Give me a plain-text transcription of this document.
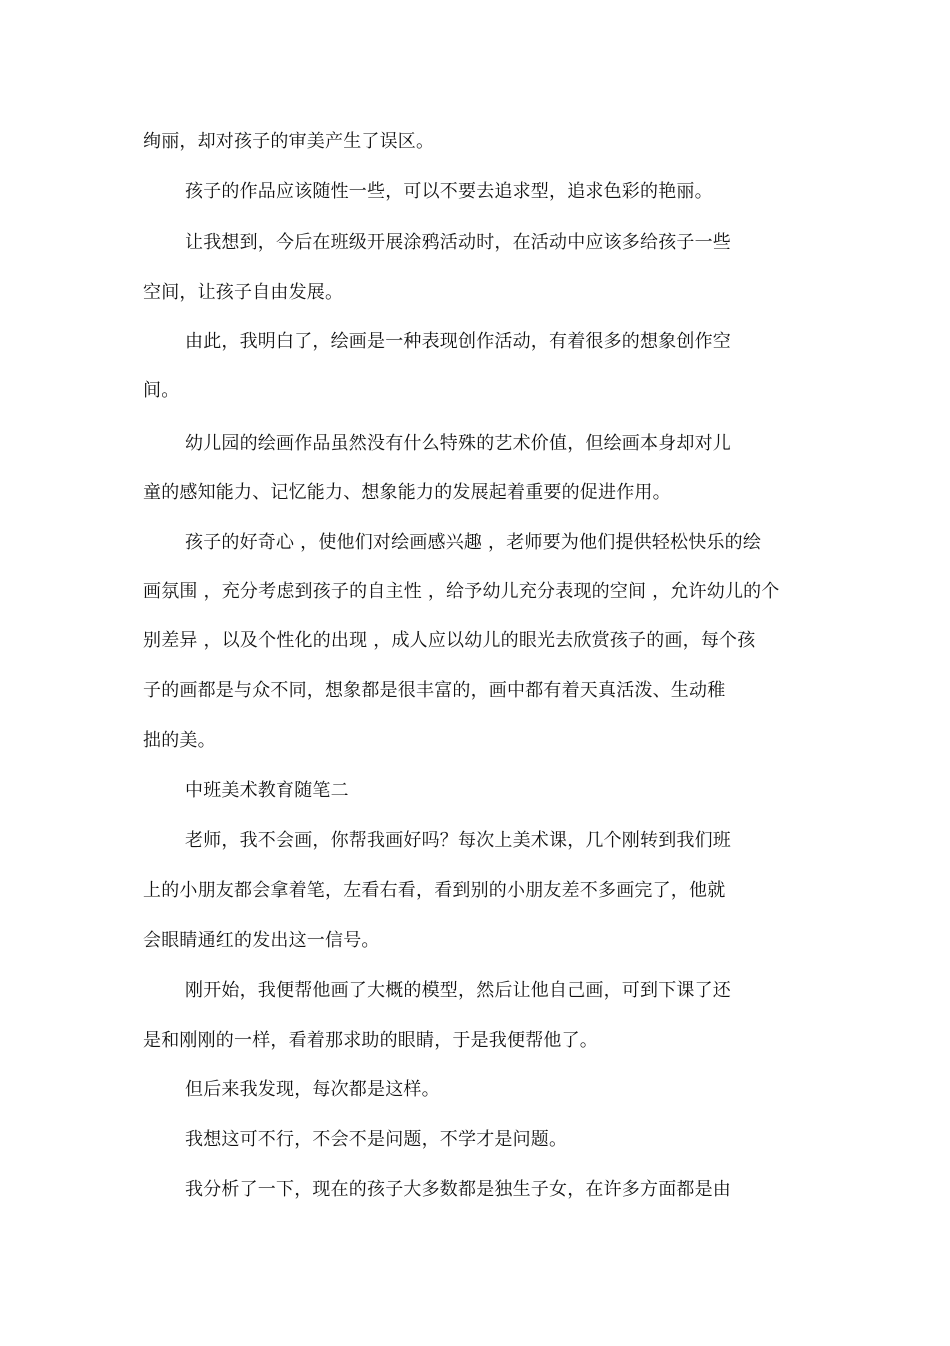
绚丽，却对孩子的审美产生了误区。
孩子的作品应该随性一些，可以不要去追求型，追求色彩的艳丽。
让我想到，今后在班级开展涂鸦活动时，在活动中应该多给孩子一些
空间，让孩子自由发展。
由此，我明白了，绘画是一种表现创作活动，有着很多的想象创作空
间。
幼儿园的绘画作品虽然没有什么特殊的艺术价值，但绘画本身却对儿
童的感知能力、记忆能力、想象能力的发展起着重要的促进作用。
孩子的好奇心 ，使他们对绘画感兴趣 ，老师要为他们提供轻松快乐的绘
画氛围 ，充分考虑到孩子的自主性 ，给予幼儿充分表现的空间 ，允许幼儿的个
别差异 ，以及个性化的出现 ，成人应以幼儿的眼光去欣赏孩子的画，每个孩
子的画都是与众不同，想象都是很丰富的，画中都有着天真活泼、生动稚
拙的美。
中班美术教育随笔二
老师，我不会画，你帮我画好吗？每次上美术课，几个刚转到我们班
上的小朋友都会拿着笔，左看右看，看到别的小朋友差不多画完了，他就
会眼睛通红的发出这一信号。
刚开始，我便帮他画了大概的模型，然后让他自己画，可到下课了还
是和刚刚的一样，看着那求助的眼睛，于是我便帮他了。
但后来我发现，每次都是这样。
我想这可不行，不会不是问题，不学才是问题。
我分析了一下，现在的孩子大多数都是独生子女，在许多方面都是由
